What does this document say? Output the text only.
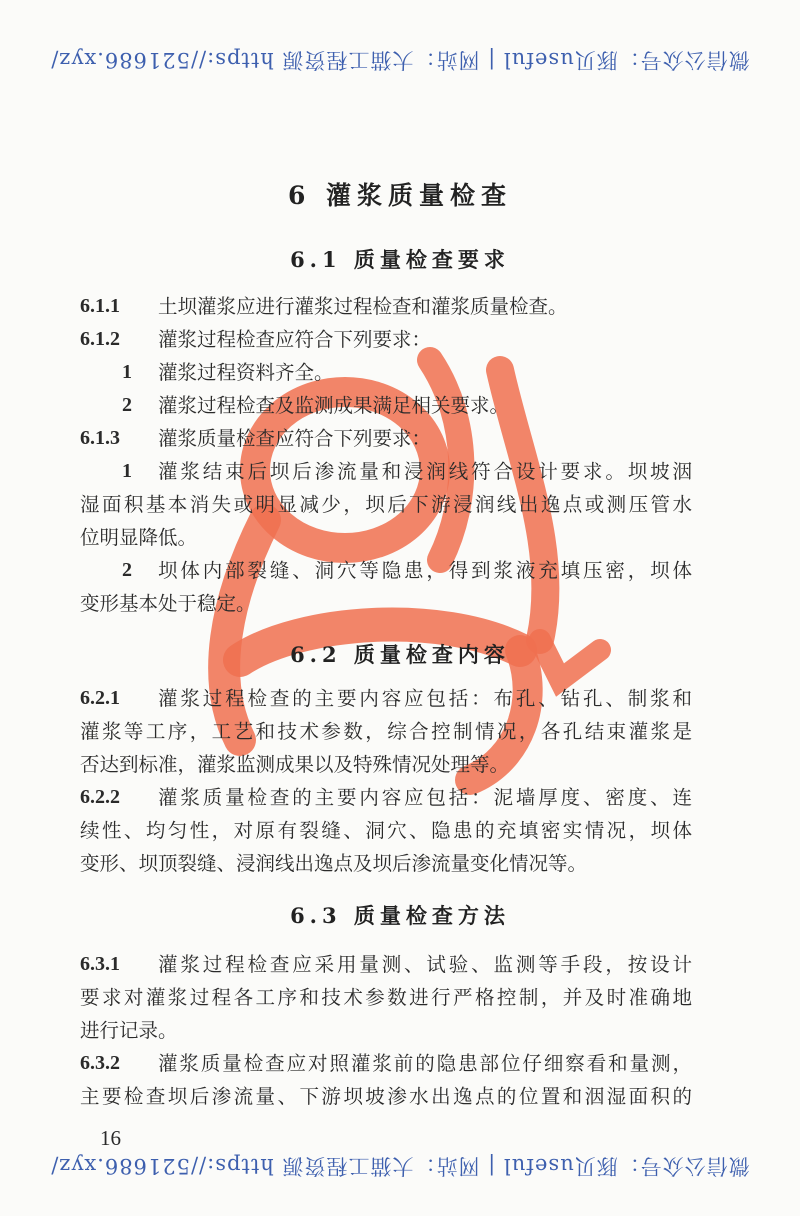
微信公众号：豚贝useful | 网站：大猫工程资源 https://521686.xyz/
6 灌浆质量检查
6.1 质量检查要求
6.1.1 土坝灌浆应进行灌浆过程检查和灌浆质量检查。
6.1.2 灌浆过程检查应符合下列要求：
1 灌浆过程资料齐全。
2 灌浆过程检查及监测成果满足相关要求。
6.1.3 灌浆质量检查应符合下列要求：
1 灌浆结束后坝后渗流量和浸润线符合设计要求。坝坡洇
湿面积基本消失或明显减少，坝后下游浸润线出逸点或测压管水
位明显降低。
2 坝体内部裂缝、洞穴等隐患，得到浆液充填压密，坝体
变形基本处于稳定。
6.2 质量检查内容
6.2.1 灌浆过程检查的主要内容应包括：布孔、钻孔、制浆和
灌浆等工序，工艺和技术参数，综合控制情况，各孔结束灌浆是
否达到标准，灌浆监测成果以及特殊情况处理等。
6.2.2 灌浆质量检查的主要内容应包括：泥墙厚度、密度、连
续性、均匀性，对原有裂缝、洞穴、隐患的充填密实情况，坝体
变形、坝顶裂缝、浸润线出逸点及坝后渗流量变化情况等。
6.3 质量检查方法
6.3.1 灌浆过程检查应采用量测、试验、监测等手段，按设计
要求对灌浆过程各工序和技术参数进行严格控制，并及时准确地
进行记录。
6.3.2 灌浆质量检查应对照灌浆前的隐患部位仔细察看和量测，
主要检查坝后渗流量、下游坝坡渗水出逸点的位置和洇湿面积的
16
微信公众号：豚贝useful | 网站：大猫工程资源 https://521686.xyz/
